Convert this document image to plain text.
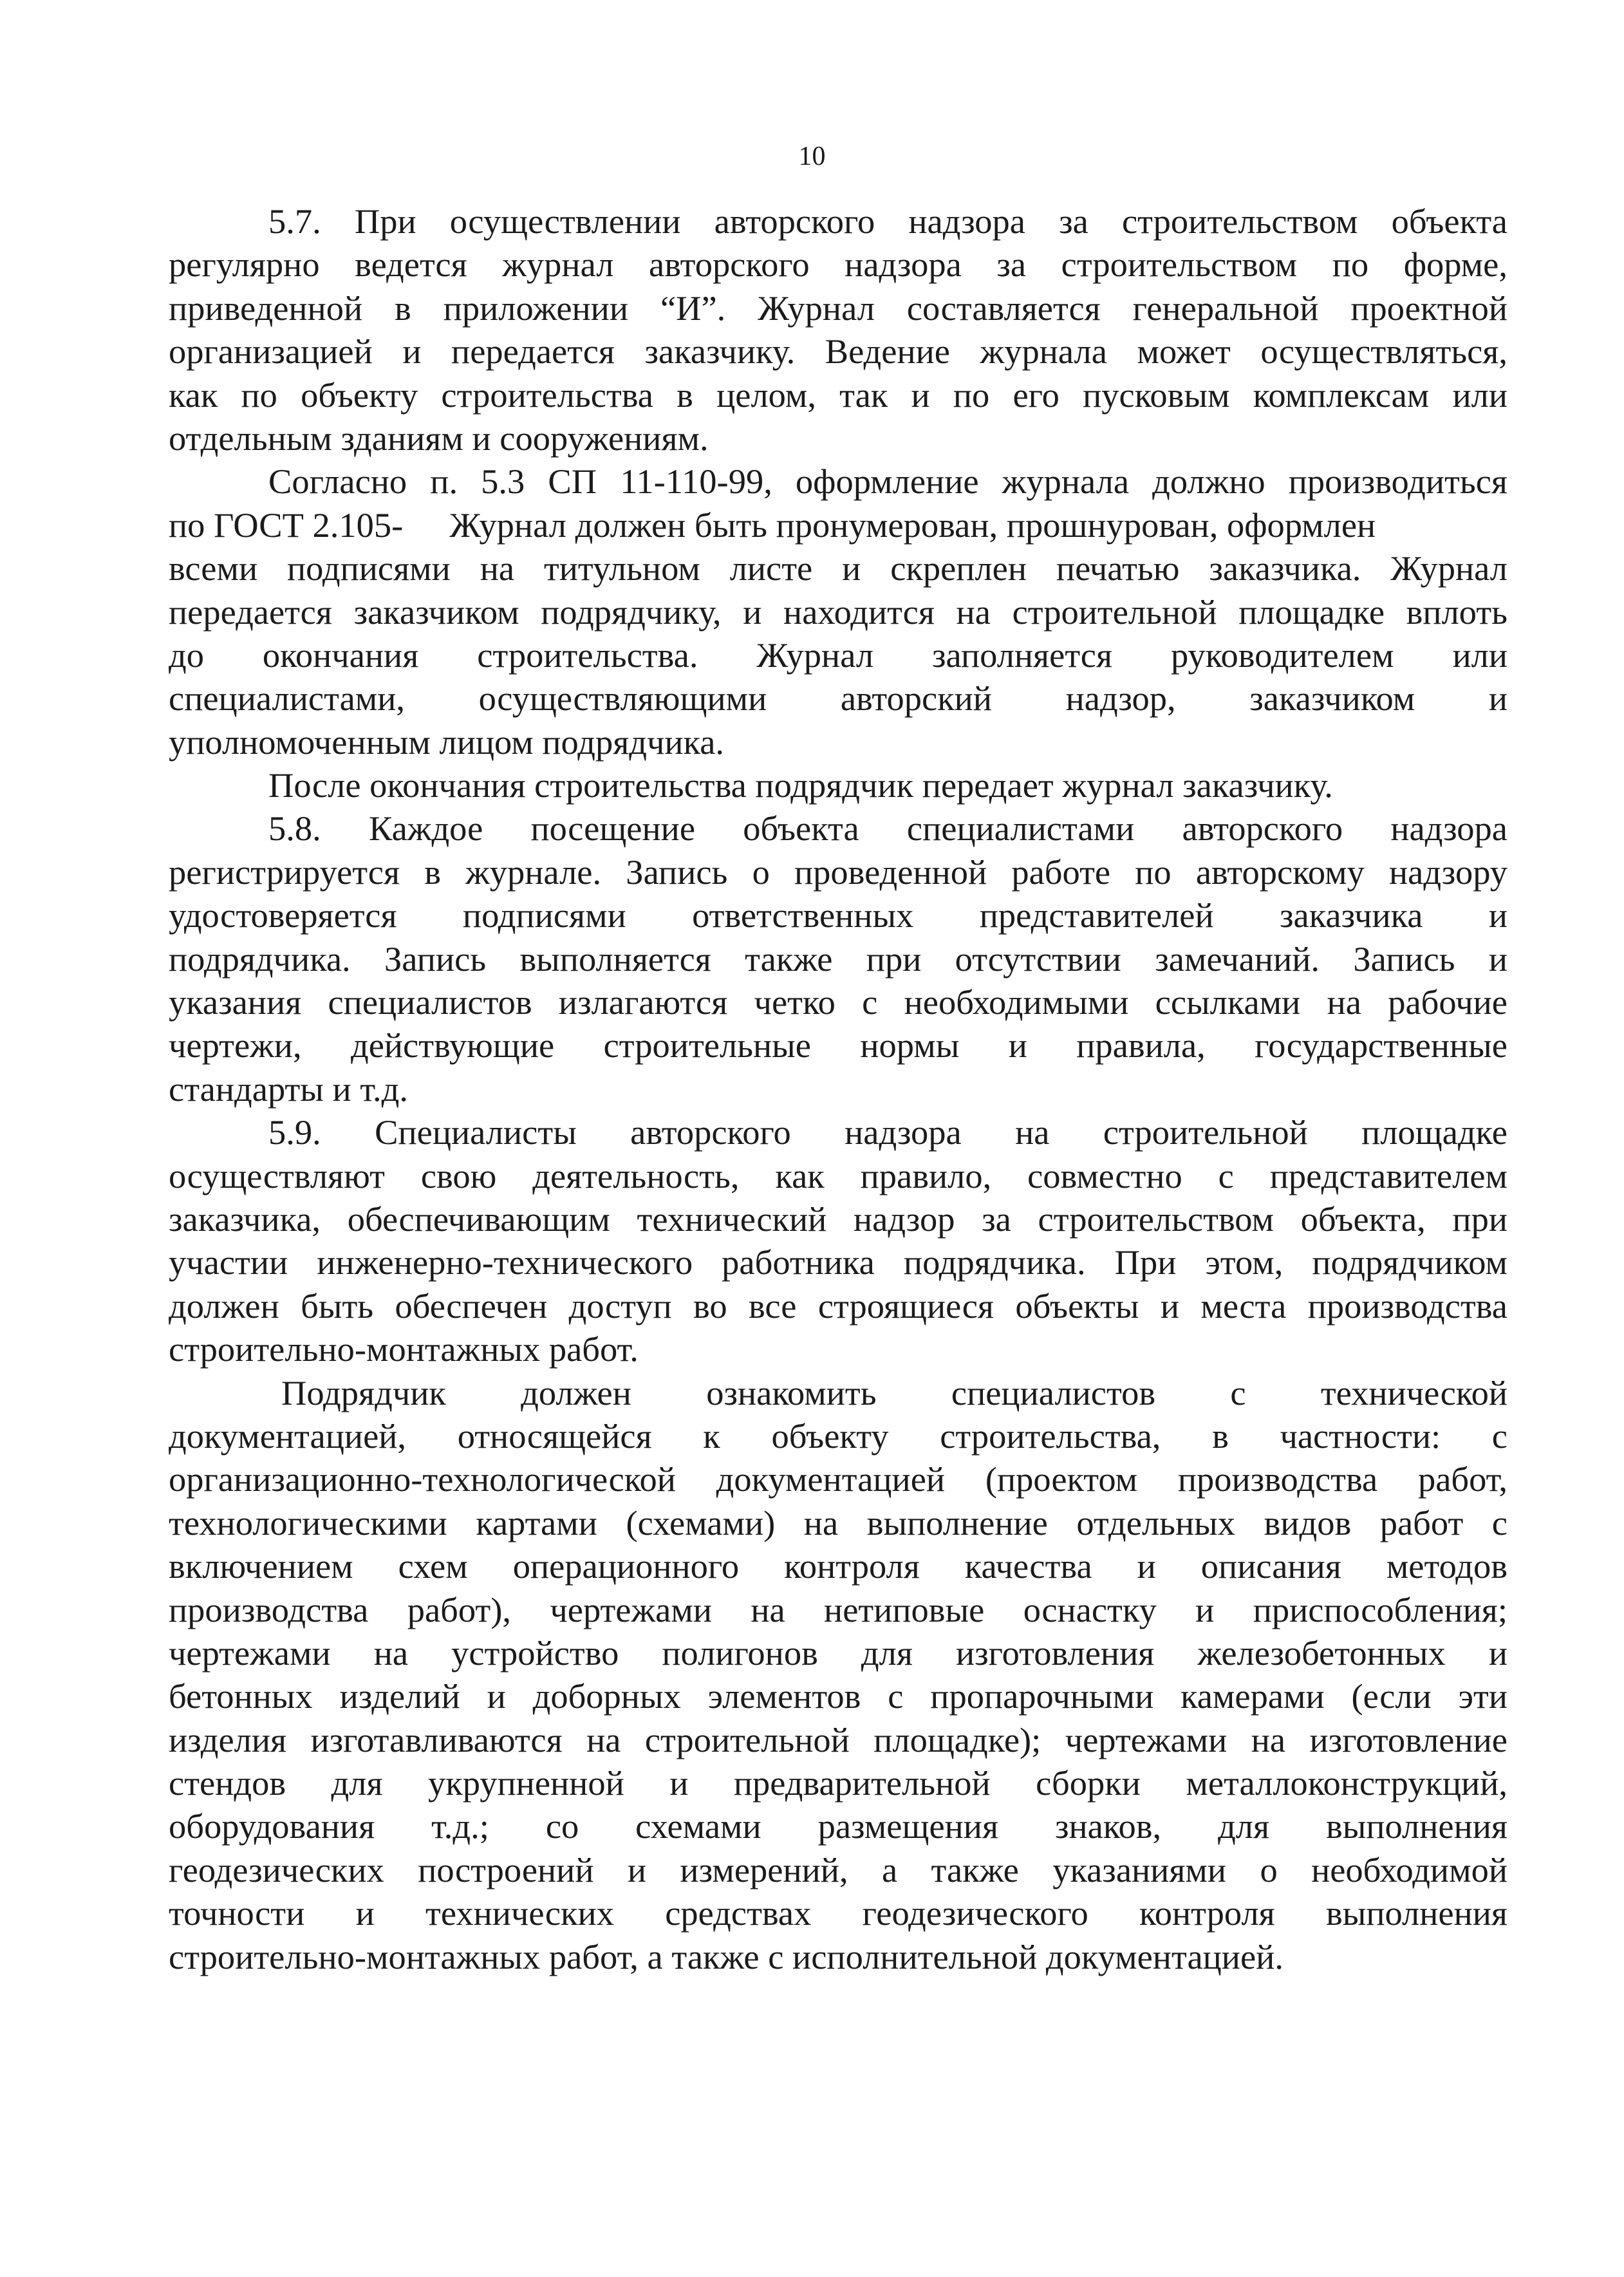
10
5.7. При осуществлении авторского надзора за строительством объекта
регулярно ведется журнал авторского надзора за строительством по форме,
приведенной в приложении “И”. Журнал составляется генеральной проектной
организацией и передается заказчику. Ведение журнала может осуществляться,
как по объекту строительства в целом, так и по его пусковым комплексам или
отдельным зданиям и сооружениям.
Согласно п. 5.3 СП 11-110-99, оформление журнала должно производиться
по ГОСТ 2.105- Журнал должен быть пронумерован, прошнурован, оформлен
всеми подписями на титульном листе и скреплен печатью заказчика. Журнал
передается заказчиком подрядчику, и находится на строительной площадке вплоть
до окончания строительства. Журнал заполняется руководителем или
специалистами, осуществляющими авторский надзор, заказчиком и
уполномоченным лицом подрядчика.
После окончания строительства подрядчик передает журнал заказчику.
5.8. Каждое посещение объекта специалистами авторского надзора
регистрируется в журнале. Запись о проведенной работе по авторскому надзору
удостоверяется подписями ответственных представителей заказчика и
подрядчика. Запись выполняется также при отсутствии замечаний. Запись и
указания специалистов излагаются четко с необходимыми ссылками на рабочие
чертежи, действующие строительные нормы и правила, государственные
стандарты и т.д.
5.9. Специалисты авторского надзора на строительной площадке
осуществляют свою деятельность, как правило, совместно с представителем
заказчика, обеспечивающим технический надзор за строительством объекта, при
участии инженерно-технического работника подрядчика. При этом, подрядчиком
должен быть обеспечен доступ во все строящиеся объекты и места производства
строительно-монтажных работ.
Подрядчик должен ознакомить специалистов с технической
документацией, относящейся к объекту строительства, в частности: с
организационно-технологической документацией (проектом производства работ,
технологическими картами (схемами) на выполнение отдельных видов работ с
включением схем операционного контроля качества и описания методов
производства работ), чертежами на нетиповые оснастку и приспособления;
чертежами на устройство полигонов для изготовления железобетонных и
бетонных изделий и доборных элементов с пропарочными камерами (если эти
изделия изготавливаются на строительной площадке); чертежами на изготовление
стендов для укрупненной и предварительной сборки металлоконструкций,
оборудования т.д.; со схемами размещения знаков, для выполнения
геодезических построений и измерений, а также указаниями о необходимой
точности и технических средствах геодезического контроля выполнения
строительно-монтажных работ, а также с исполнительной документацией.
